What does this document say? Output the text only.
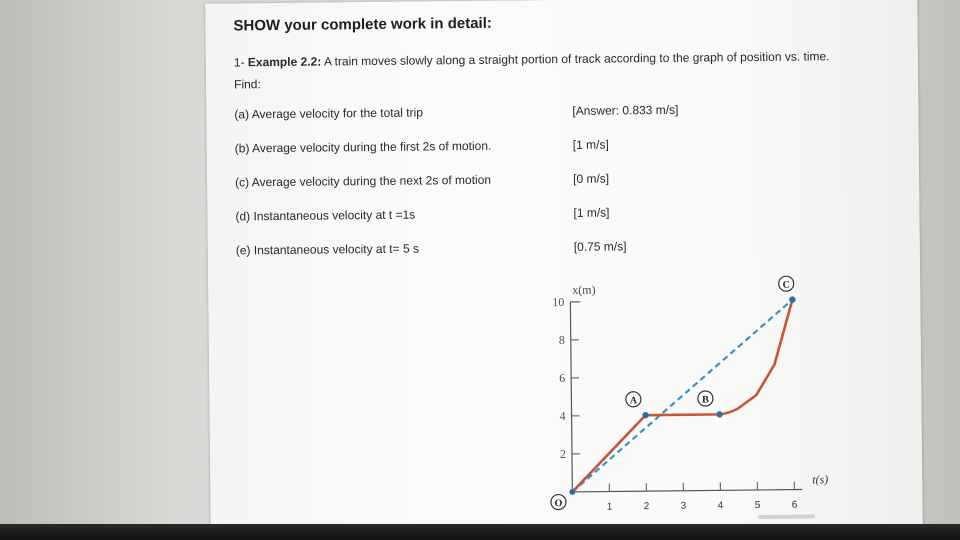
SHOW your complete work in detail:
1- Example 2.2: A train moves slowly along a straight portion of track according to the graph of position vs. time. Find:
(a) Average velocity for the total trip	[Answer: 0.833 m/s]
(b) Average velocity during the first 2s of motion.	[1 m/s]
(c) Average velocity during the next 2s of motion	[0 m/s]
(d) Instantaneous velocity at t =1s	[1 m/s]
(e) Instantaneous velocity at t= 5 s	[0.75 m/s]
10
8
6
4
2
1	2	3	4	5	6
O
A	B
C
x(m)
t(s)
